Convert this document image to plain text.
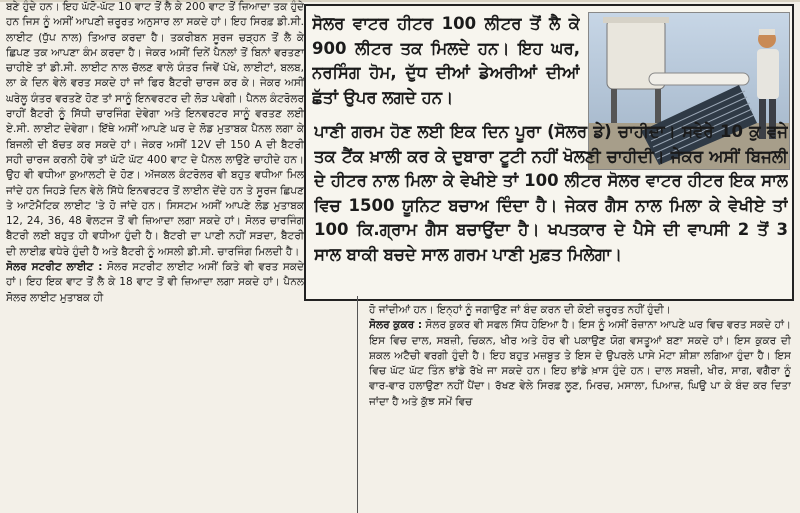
ਬਣੇ ਹੁੰਦੇ ਹਨ। ਇਹ ਘੱਟੋ-ਘੱਟ 10 ਵਾਟ ਤੋਂ ਲੈ ਕੇ 200 ਵਾਟ ਤੋਂ ਜ਼ਿਆਦਾ ਤਕ ਹੁੰਦੇ ਹਨ ਜਿਸ ਨੂੰ ਅਸੀਂ ਆਪਣੀ ਜ਼ਰੂਰਤ ਅਨੁਸਾਰ ਲਾ ਸਕਦੇ ਹਾਂ। ਇਹ ਸਿਰਫ਼ ਡੀ.ਸੀ. ਲਾਈਟ (ਧੁੱਪ ਨਾਲ) ਤਿਆਰ ਕਰਦਾ ਹੈ। ਤਕਰੀਬਨ ਸੂਰਜ ਚੜ੍ਹਨ ਤੋਂ ਲੈ ਕੇ ਛਿਪਣ ਤਕ ਆਪਣਾ ਕੰਮ ਕਰਦਾ ਹੈ। ਜੇਕਰ ਅਸੀਂ ਦਿਨੇਂ ਪੈਨਲਾਂ ਤੋਂ ਬਿਨਾਂ ਵਰਤਣਾ ਚਾਹੀਏ ਤਾਂ ਡੀ.ਸੀ. ਲਾਈਟ ਨਾਲ ਚੱਲਣ ਵਾਲੇ ਯੰਤਰ ਜਿਵੇਂ ਪੱਖੇ, ਲਾਈਟਾਂ, ਬਲਬ, ਲਾ ਕੇ ਦਿਨ ਵੇਲੇ ਵਰਤ ਸਕਦੇ ਹਾਂ ਜਾਂ ਫਿਰ ਬੈਟਰੀ ਚਾਰਜ ਕਰ ਕੇ। ਜੇਕਰ ਅਸੀਂ ਘਰੇਲੂ ਯੰਤਰ ਵਰਤਣੇ ਹੋਣ ਤਾਂ ਸਾਨੂੰ ਇਨਵਰਟਰ ਦੀ ਲੋੜ ਪਵੇਗੀ। ਪੈਨਲ ਕੰਟਰੋਲਰ ਰਾਹੀਂ ਬੈਟਰੀ ਨੂੰ ਸਿੱਧੀ ਚਾਰਜਿੰਗ ਦੇਵੇਗਾ ਅਤੇ ਇਨਵਰਟਰ ਸਾਨੂੰ ਵਰਤਣ ਲਈ ਏ.ਸੀ. ਲਾਈਟ ਦੇਵੇਗਾ। ਇੱਥੇ ਅਸੀਂ ਆਪਣੇ ਘਰ ਦੇ ਲੋਡ ਮੁਤਾਬਕ ਪੈਨਲ ਲਗਾ ਕੇ ਬਿਜਲੀ ਦੀ ਬੱਚਤ ਕਰ ਸਕਦੇ ਹਾਂ। ਜੇਕਰ ਅਸੀਂ 12V ਦੀ 150 A ਦੀ ਬੈਟਰੀ ਸਹੀ ਚਾਰਜ ਕਰਨੀ ਹੋਵੇ ਤਾਂ ਘੱਟੋ ਘੱਟ 400 ਵਾਟ ਦੇ ਪੈਨਲ ਲਾਉਣੇ ਚਾਹੀਦੇ ਹਨ। ਉਹ ਵੀ ਵਧੀਆ ਕੁਆਲਟੀ ਦੇ ਹੋਣ। ਅੱਜਕਲ ਕੰਟਰੋਲਰ ਵੀ ਬਹੁਤ ਵਧੀਆ ਮਿਲ ਜਾਂਦੇ ਹਨ ਜਿਹੜੇ ਦਿਨ ਵੇਲੇ ਸਿੱਧੇ ਇਨਵਰਟਰ ਤੋਂ ਲਾਈਨ ਦੇਂਦੇ ਹਨ ਤੇ ਸੂਰਜ ਛਿਪਣ ਤੇ ਆਟੋਮੈਟਿਕ ਲਾਈਟ 'ਤੇ ਹੋ ਜਾਂਦੇ ਹਨ। ਸਿਸਟਮ ਅਸੀਂ ਆਪਣੇ ਲੋਡ ਮੁਤਾਬਕ 12, 24, 36, 48 ਵੋਲਟਜ ਤੋਂ ਵੀ ਜ਼ਿਆਦਾ ਲਗਾ ਸਕਦੇ ਹਾਂ। ਸੋਲਰ ਚਾਰਜਿੰਗ ਬੈਟਰੀ ਲਈ ਬਹੁਤ ਹੀ ਵਧੀਆ ਹੁੰਦੀ ਹੈ। ਬੈਟਰੀ ਦਾ ਪਾਣੀ ਨਹੀਂ ਸੜਦਾ, ਬੈਟਰੀ ਦੀ ਲਾਈਫ਼ ਵਧੇਰੇ ਹੁੰਦੀ ਹੈ ਅਤੇ ਬੈਟਰੀ ਨੂੰ ਅਸਲੀ ਡੀ.ਸੀ. ਚਾਰਜਿੰਗ ਮਿਲਦੀ ਹੈ।

ਸੋਲਰ ਸਟਰੀਟ ਲਾਈਟ : ਸੋਲਰ ਸਟਰੀਟ ਲਾਈਟ ਅਸੀਂ ਕਿਤੇ ਵੀ ਵਰਤ ਸਕਦੇ ਹਾਂ। ਇਹ ਇਕ ਵਾਟ ਤੋਂ ਲੈ ਕੇ 18 ਵਾਟ ਤੋਂ ਵੀ ਜ਼ਿਆਦਾ ਲਗਾ ਸਕਦੇ ਹਾਂ। ਪੈਨਲ ਸੋਲਰ ਲਾਈਟ ਮੁਤਾਬਕ ਹੀ

ਸੋਲਰ ਵਾਟਰ ਹੀਟਰ 100 ਲੀਟਰ ਤੋਂ ਲੈ ਕੇ 900 ਲੀਟਰ ਤਕ ਮਿਲਦੇ ਹਨ। ਇਹ ਘਰ, ਨਰਸਿੰਗ ਹੋਮ, ਦੁੱਧ ਦੀਆਂ ਡੇਅਰੀਆਂ ਦੀਆਂ ਛੱਤਾਂ ਉਪਰ ਲਗਦੇ ਹਨ।
ਪਾਣੀ ਗਰਮ ਹੋਣ ਲਈ ਇਕ ਦਿਨ ਪੂਰਾ (ਸੋਲਰ ਡੇ) ਚਾਹੀਦਾ। ਸਵੇਰੇ 10 ਕੁ ਵਜੇ ਤਕ ਟੈਂਕ ਖ਼ਾਲੀ ਕਰ ਕੇ ਦੁਬਾਰਾ ਟੂਟੀ ਨਹੀਂ ਖੋਲਣੀ ਚਾਹੀਦੀ। ਜੇਕਰ ਅਸੀਂ ਬਿਜਲੀ ਦੇ ਹੀਟਰ ਨਾਲ ਮਿਲਾ ਕੇ ਵੇਖੀਏ ਤਾਂ 100 ਲੀਟਰ ਸੋਲਰ ਵਾਟਰ ਹੀਟਰ ਇਕ ਸਾਲ ਵਿਚ 1500 ਯੂਨਿਟ ਬਚਾਅ ਦਿੰਦਾ ਹੈ। ਜੇਕਰ ਗੈਸ ਨਾਲ ਮਿਲਾ ਕੇ ਵੇਖੀਏ ਤਾਂ 100 ਕਿ.ਗ੍ਰਾਮ ਗੈਸ ਬਚਾਉਂਦਾ ਹੈ। ਖਪਤਕਾਰ ਦੇ ਪੈਸੇ ਦੀ ਵਾਪਸੀ 2 ਤੋਂ 3 ਸਾਲ ਬਾਕੀ ਬਚਦੇ ਸਾਲ ਗਰਮ ਪਾਣੀ ਮੁਫ਼ਤ ਮਿਲੇਗਾ।

ਹੋ ਜਾਂਦੀਆਂ ਹਨ। ਇਨ੍ਹਾਂ ਨੂੰ ਜਗਾਉਣ ਜਾਂ ਬੰਦ ਕਰਨ ਦੀ ਕੋਈ ਜ਼ਰੂਰਤ ਨਹੀਂ ਹੁੰਦੀ।

ਸੋਲਰ ਕੁਕਰ : ਸੋਲਰ ਕੁਕਰ ਵੀ ਸਫਲ ਸਿੱਧ ਹੋਇਆ ਹੈ। ਇਸ ਨੂੰ ਅਸੀਂ ਰੋਜ਼ਾਨਾ ਆਪਣੇ ਘਰ ਵਿਚ ਵਰਤ ਸਕਦੇ ਹਾਂ। ਇਸ ਵਿਚ ਦਾਲ, ਸਬਜ਼ੀ, ਚਿਕਨ, ਖੀਰ ਅਤੇ ਹੋਰ ਵੀ ਪਕਾਉਣ ਯੋਗ ਵਸਤੂਆਂ ਬਣਾ ਸਕਦੇ ਹਾਂ। ਇਸ ਕੁਕਰ ਦੀ ਸ਼ਕਲ ਅਟੈਚੀ ਵਰਗੀ ਹੁੰਦੀ ਹੈ। ਇਹ ਬਹੁਤ ਮਜ਼ਬੂਤ ਤੇ ਇਸ ਦੇ ਉਪਰਲੇ ਪਾਸੇ ਮੋਟਾ ਸ਼ੀਸ਼ਾ ਲਗਿਆ ਹੁੰਦਾ ਹੈ। ਇਸ ਵਿਚ ਘੱਟ ਘੱਟ ਤਿੰਨ ਭਾਂਡੇ ਰੱਖੇ ਜਾ ਸਕਦੇ ਹਨ। ਇਹ ਭਾਂਡੇ ਖ਼ਾਸ ਹੁੰਦੇ ਹਨ। ਦਾਲ ਸਬਜ਼ੀ, ਖੀਰ, ਸਾਗ, ਵਗੈਰਾ ਨੂੰ ਵਾਰ-ਵਾਰ ਹਲਾਉਣਾ ਨਹੀਂ ਪੈਂਦਾ। ਰੱਖਣ ਵੇਲੇ ਸਿਰਫ਼ ਲੂਣ, ਮਿਰਚ, ਮਸਾਲਾ, ਪਿਆਜ਼, ਘਿਉ ਪਾ ਕੇ ਬੰਦ ਕਰ ਦਿਤਾ ਜਾਂਦਾ ਹੈ ਅਤੇ ਕੁੱਝ ਸਮੇਂ ਵਿਚ
